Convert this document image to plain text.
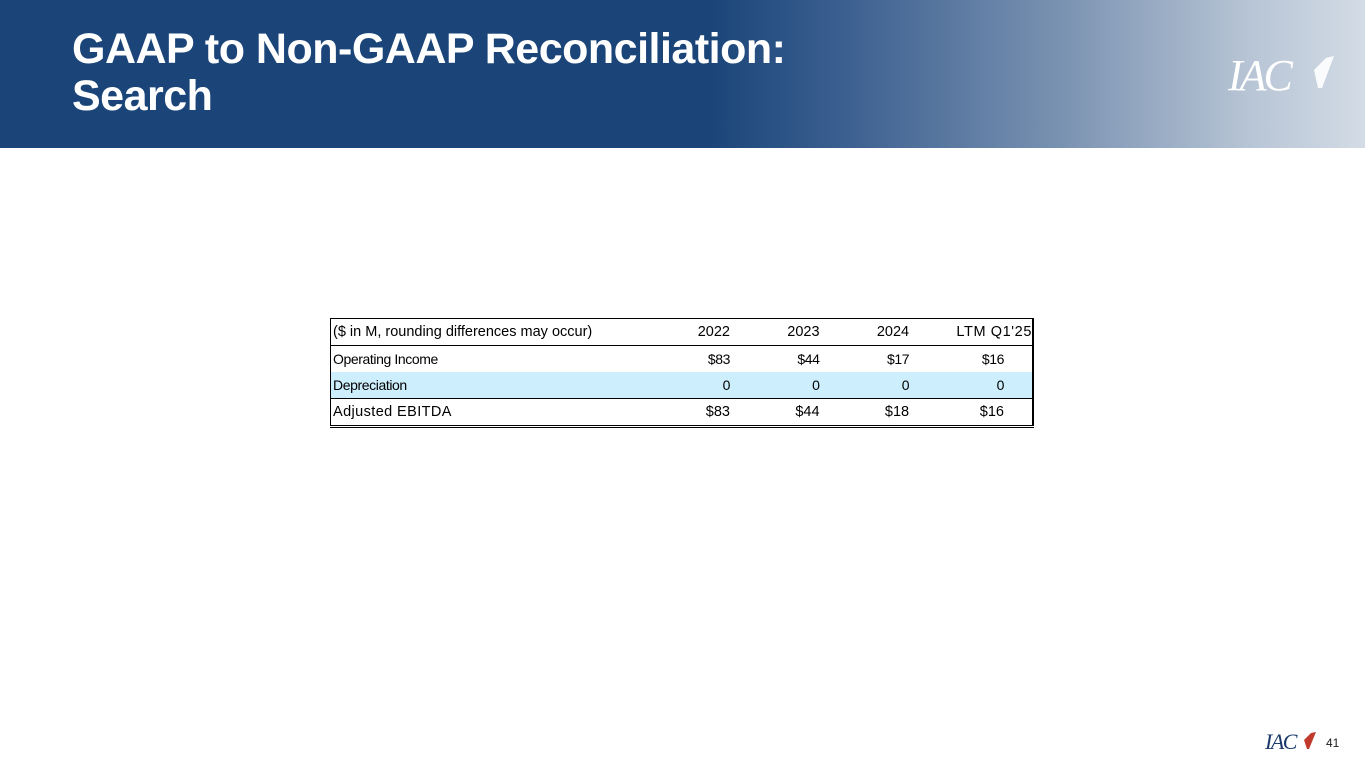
GAAP to Non-GAAP Reconciliation:
Search	IAC
($ in M, rounding differences may occur)	2022	2023	2024	LTM Q1'25
Operating Income	$83	$44	$17	$16
Depreciation	0	0	0	0
Adjusted EBITDA	$83	$44	$18	$16
IAC	41
